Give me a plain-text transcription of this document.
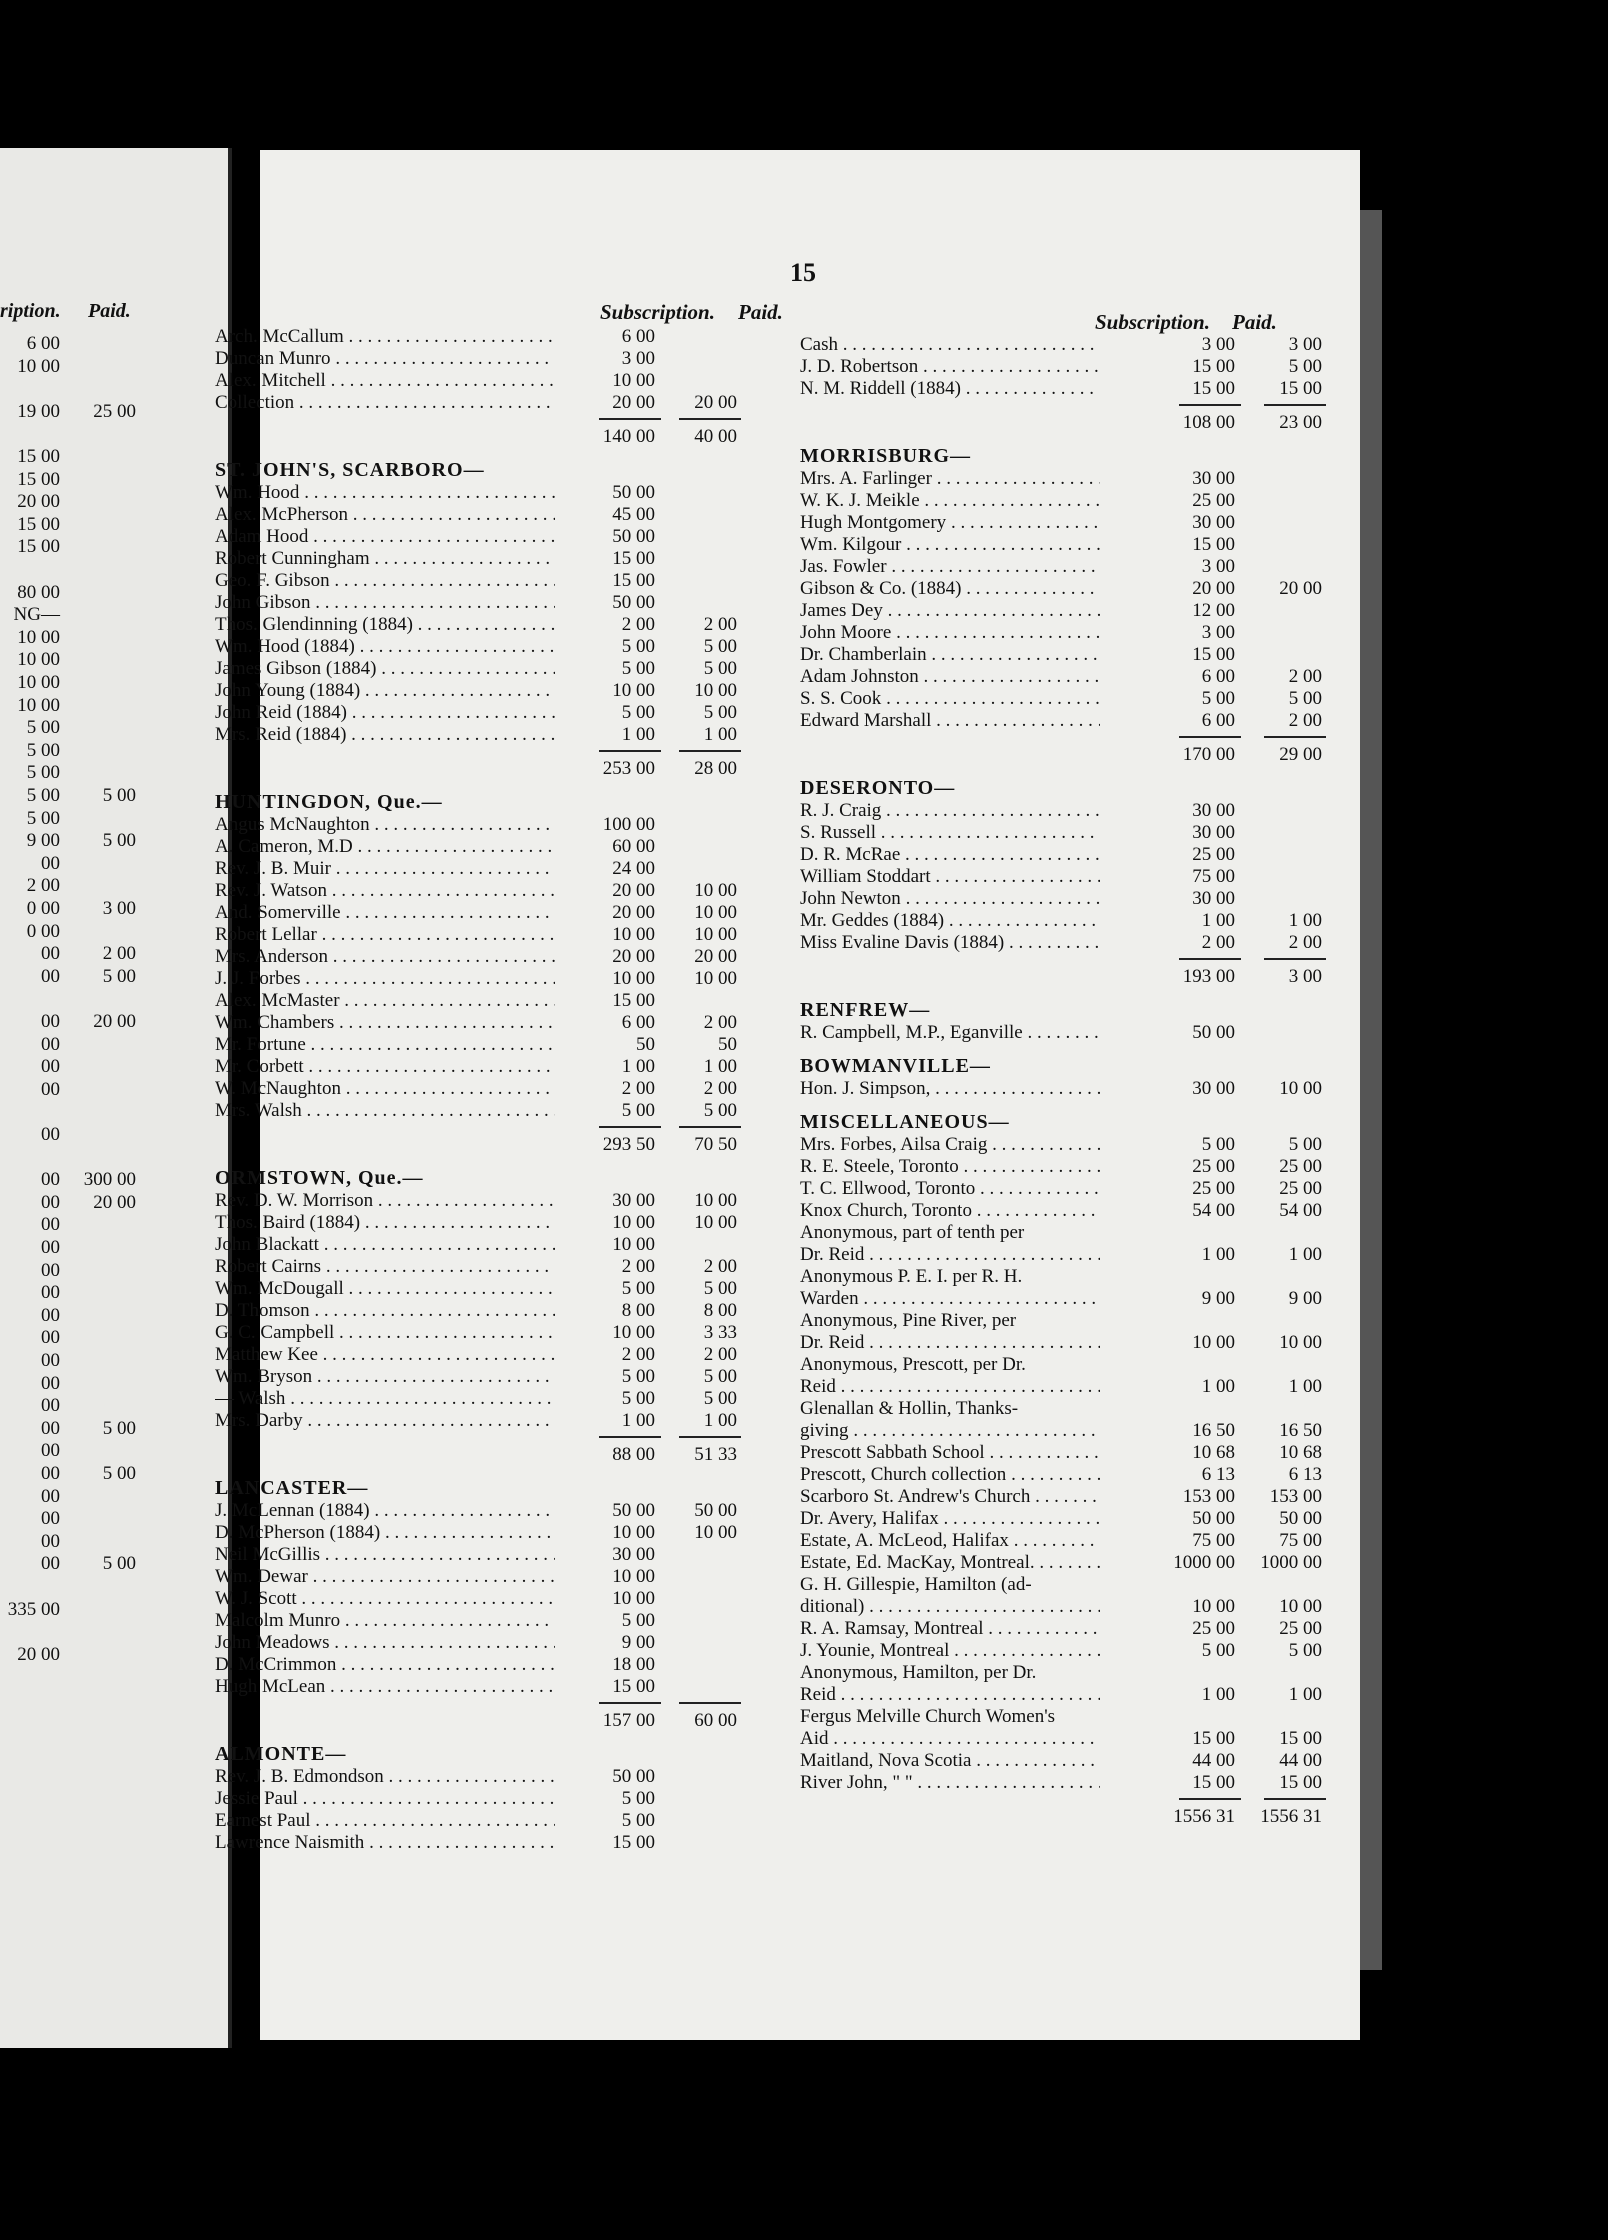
ription. Paid.
6 00
10 00
19 00 25 00
15 00
15 00
20 00
15 00
15 00
80 00
NG—
10 00
10 00
10 00
10 00
5 00
5 00
5 00
5 00 5 00
5 00
9 00 5 00
00
2 00
0 00 3 00
0 00
00 2 00
00 5 00
00 20 00
00
00
00
00
00 300 00
00 20 00
00
00
00
00
00
00
00
00
00
00 5 00
00
00 5 00
00
00
00
00 5 00
335 00
20 00
15
Subscription. Paid.	Subscription. Paid.
Arch. McCallum . . .	6 00
Duncan Munro . . .	3 00
Alex. Mitchell . . .	10 00
Collection . . .	20 00 20 00
140 00 40 00
ST. JOHN'S, SCARBORO—
Wm. Hood . . .	50 00
Alex. McPherson . . .	45 00
Adam Hood . . .	50 00
Robert Cunningham . . .	15 00
Geo. F. Gibson . . .	15 00
John Gibson . . .	50 00
Thos. Glendinning (1884) . . .	2 00	2 00
Wm. Hood (1884) . . .	5 00	5 00
James Gibson (1884) . . .	5 00	5 00
John Young (1884) . . .	10 00 10 00
John Reid (1884) . . .	5 00	5 00
Mrs. Reid (1884) . . .	1 00	1 00
253 00 28 00
HUNTINGDON, Que.—
Angus McNaughton . . .	100 00
A. Cameron, M.D . . .	60 00
Rev. J. B. Muir . . .	24 00
Rev. J. Watson . . .	20 00 10 00
And. Somerville . . .	20 00 10 00
Robert Lellar . . .	10 00 10 00
Mrs. Anderson . . .	20 00 20 00
J. J. Forbes . . .	10 00 10 00
Alex. McMaster . . .	15 00
Wm. Chambers . . .	6 00	2 00
Mr. Fortune . . .	50	50
Mr. Corbett . . .	1 00	1 00
W. McNaughton . . .	2 00	2 00
Mrs. Walsh . . .	5 00	5 00
293 50 70 50
ORMSTOWN, Que.—
Rev. D. W. Morrison . . .	30 00 10 00
Thos. Baird (1884) . . .	10 00 10 00
John Blackatt . . .	10 00
Robert Cairns . . .	2 00	2 00
Wm. McDougall . . .	5 00	5 00
D. Thomson . . .	8 00	8 00
G. C. Campbell . . .	10 00	3 33
Matthew Kee . . .	2 00	2 00
Wm. Bryson . . .	5 00	5 00
— Walsh . . .	5 00	5 00
Mrs. Darby . . .	1 00	1 00
88 00 51 33
LANCASTER—
J. McLennan (1884) . . .	50 00 50 00
D. McPherson (1884) . . .	10 00 10 00
Neil McGillis . . .	30 00
Wm. Dewar . . .	10 00
W. J. Scott . . .	10 00
Malcolm Munro . . .	5 00
John Meadows . . .	9 00
D. McCrimmon . . .	18 00
Hugh McLean . . .	15 00
157 00 60 00
ALMONTE—
Rev. J. B. Edmondson . . .	50 00
Jessie Paul . . .	5 00
Earnest Paul . . .	5 00
Lawrence Naismith . . .	15 00
Cash . . .	3 00	3 00
J. D. Robertson . . .	15 00	5 00
N. M. Riddell (1884) . . .	15 00 15 00
108 00 23 00
MORRISBURG—
Mrs. A. Farlinger . . .	30 00
W. K. J. Meikle . . .	25 00
Hugh Montgomery . . .	30 00
Wm. Kilgour . . .	15 00
Jas. Fowler . . .	3 00
Gibson & Co. (1884) . . .	20 00 20 00
James Dey . . .	12 00
John Moore . . .	3 00
Dr. Chamberlain . . .	15 00
Adam Johnston . . .	6 00	2 00
S. S. Cook . . .	5 00	5 00
Edward Marshall . . .	6 00	2 00
170 00 29 00
DESERONTO—
R. J. Craig . . .	30 00
S. Russell . . .	30 00
D. R. McRae . . .	25 00
William Stoddart . . .	75 00
John Newton . . .	30 00
Mr. Geddes (1884) . . .	1 00	1 00
Miss Evaline Davis (1884) . . .	2 00	2 00
193 00	3 00
RENFREW—
R. Campbell, M.P., Eganville . . .	50 00
BOWMANVILLE—
Hon. J. Simpson, . . .	30 00 10 00
MISCELLANEOUS—
Mrs. Forbes, Ailsa Craig . . .	5 00	5 00
R. E. Steele, Toronto . . .	25 00 25 00
T. C. Ellwood, Toronto . . .	25 00 25 00
Knox Church, Toronto . . .	54 00 54 00
Anonymous, part of tenth per
Dr. Reid . . .	1 00	1 00
Anonymous P. E. I. per R. H.
Warden . . .	9 00	9 00
Anonymous, Pine River, per
Dr. Reid . . .	10 00 10 00
Anonymous, Prescott, per Dr.
Reid . . .	1 00	1 00
Glenallan & Hollin, Thanks-
giving . . .	16 50 16 50
Prescott Sabbath School . . .	10 68 10 68
Prescott, Church collection . . .	6 13	6 13
Scarboro St. Andrew's Church . . .	153 00 153 00
Dr. Avery, Halifax . . .	50 00 50 00
Estate, A. McLeod, Halifax . . .	75 00 75 00
Estate, Ed. MacKay, Montreal. . . .	1000 00 1000 00
G. H. Gillespie, Hamilton (ad-
ditional) . . .	10 00 10 00
R. A. Ramsay, Montreal . . .	25 00 25 00
J. Younie, Montreal . . .	5 00	5 00
Anonymous, Hamilton, per Dr.
Reid . . .	1 00	1 00
Fergus Melville Church Women's
Aid . . .	15 00 15 00
Maitland, Nova Scotia . . .	44 00 44 00
River John, " " . . .	15 00 15 00
1556 31 1556 31
